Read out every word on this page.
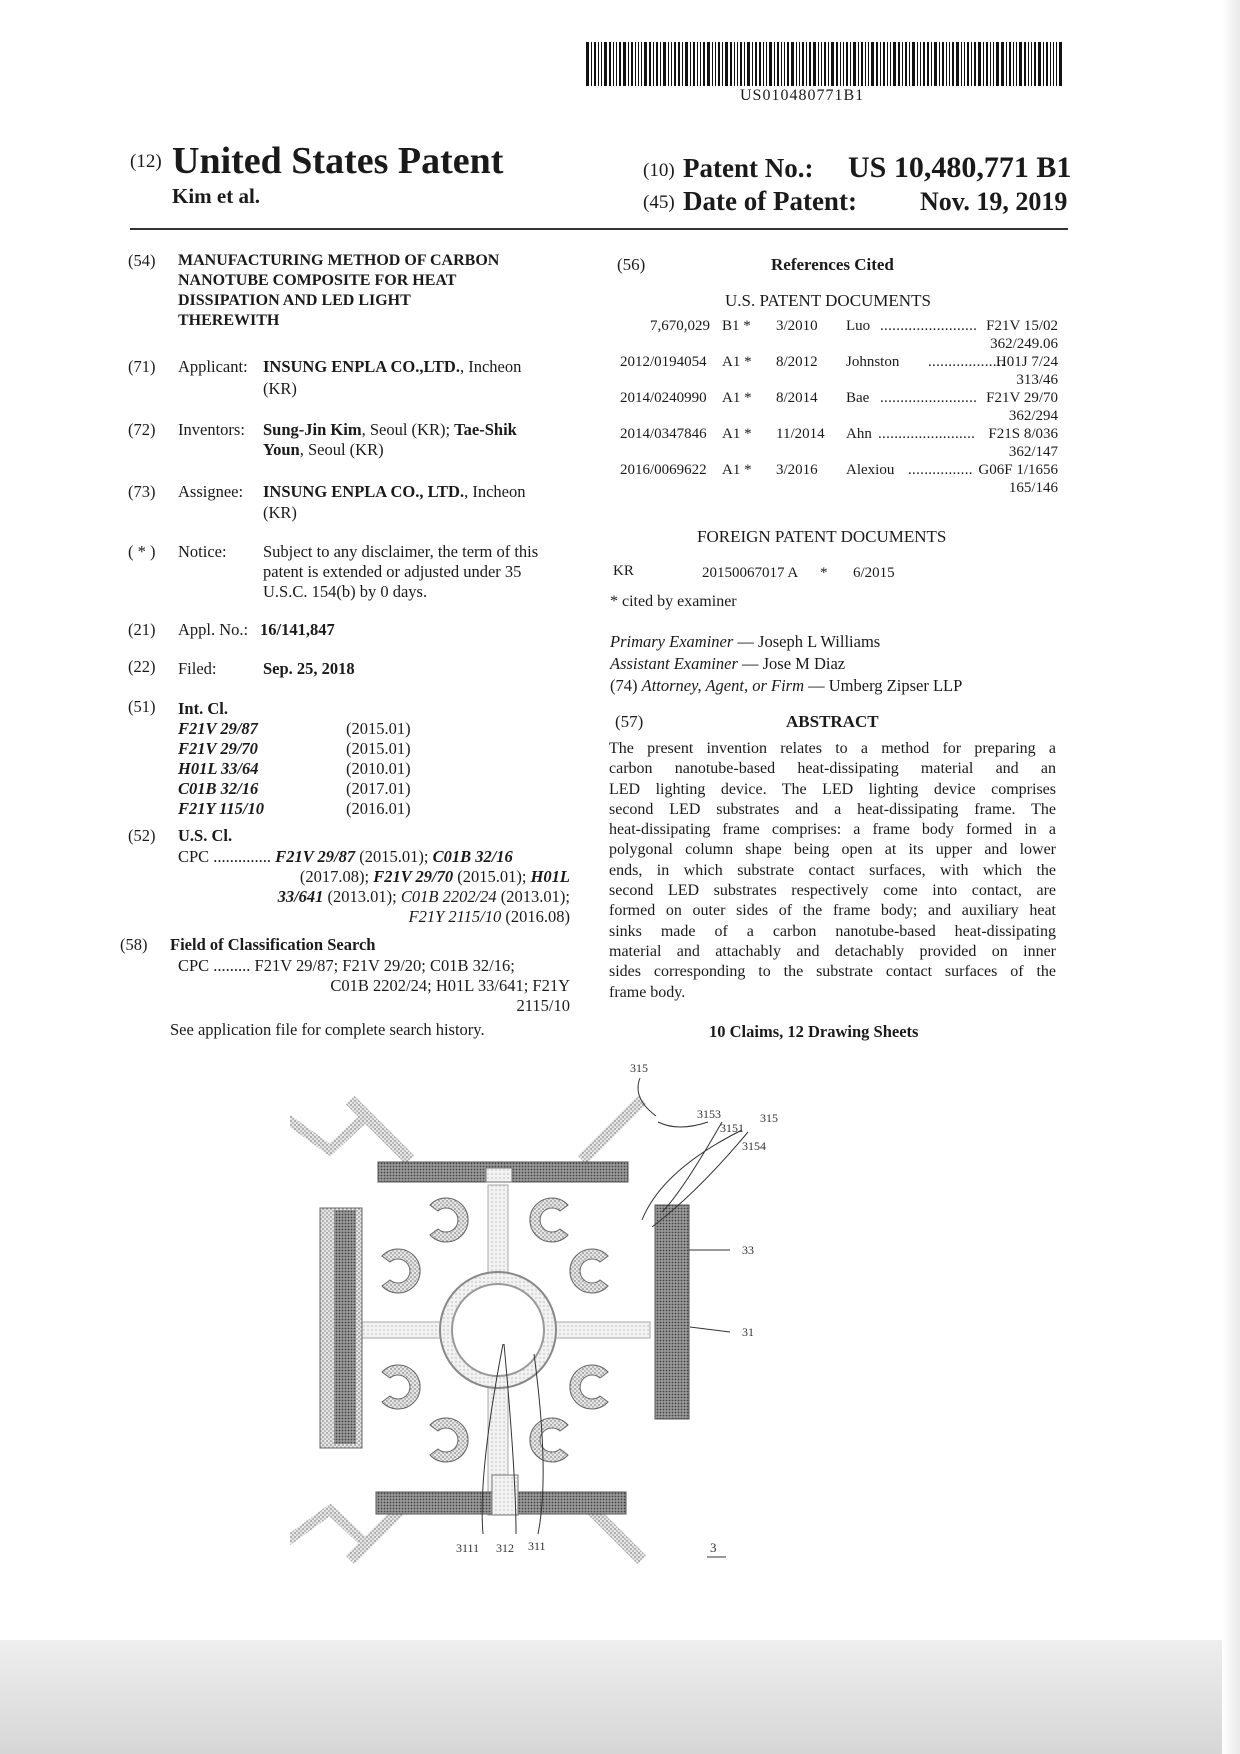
US010480771B1
(12) United States Patent
Kim et al.
(10) Patent No.: US 10,480,771 B1
(45) Date of Patent: Nov. 19, 2019
(54) MANUFACTURING METHOD OF CARBON
NANOTUBE COMPOSITE FOR HEAT
DISSIPATION AND LED LIGHT
THEREWITH
(71) Applicant: INSUNG ENPLA CO.,LTD., Incheon
(KR)
(72) Inventors: Sung-Jin Kim, Seoul (KR); Tae-Shik
Youn, Seoul (KR)
(73) Assignee: INSUNG ENPLA CO., LTD., Incheon
(KR)
( * ) Notice: Subject to any disclaimer, the term of this
patent is extended or adjusted under 35
U.S.C. 154(b) by 0 days.
(21) Appl. No.: 16/141,847
(22) Filed:	Sep. 25, 2018
(51) Int. Cl.
F21V 29/87	(2015.01)
F21V 29/70	(2015.01)
H01L 33/64	(2010.01)
C01B 32/16	(2017.01)
F21Y 115/10	(2016.01)
(52) U.S. Cl.
CPC .............. F21V 29/87 (2015.01); C01B 32/16
(2017.08); F21V 29/70 (2015.01); H01L
33/641 (2013.01); C01B 2202/24 (2013.01);
F21Y 2115/10 (2016.08)
(58) Field of Classification Search
CPC ......... F21V 29/87; F21V 29/20; C01B 32/16;
C01B 2202/24; H01L 33/641; F21Y
2115/10
See application file for complete search history.
(56)	References Cited
U.S. PATENT DOCUMENTS
7,670,029 B1 * 3/2010 Luo ........................ F21V 15/02
362/249.06
2012/0194054 A1 * 8/2012 Johnston ...................
H01J 7/24
313/46
2014/0240990 A1 * 8/2014 Bae ........................ F21V 29/70
362/294
2014/0347846 A1 * 11/2014 Ahn ........................ F21S 8/036
362/147
2016/0069622 A1 * 3/2016 Alexiou ................ G06F 1/1656
165/146
FOREIGN PATENT DOCUMENTS
KR	20150067017 A * 6/2015
* cited by examiner
Primary Examiner — Joseph L Williams
Assistant Examiner — Jose M Diaz
(74) Attorney, Agent, or Firm — Umberg Zipser LLP
(57)	ABSTRACT
The present invention relates to a method for preparing a
carbon nanotube-based heat-dissipating material and an
LED lighting device. The LED lighting device comprises
second LED substrates and a heat-dissipating frame. The
heat-dissipating frame comprises: a frame body formed in a
polygonal column shape being open at its upper and lower
ends, in which substrate contact surfaces, with which the
second LED substrates respectively come into contact, are
formed on outer sides of the frame body; and auxiliary heat
sinks made of a carbon nanotube-based heat-dissipating
material and attachably and detachably provided on inner
sides corresponding to the substrate contact surfaces of the
frame body.
10 Claims, 12 Drawing Sheets
315
3153	315
3151
3154
33
31
3111 312 311	3
